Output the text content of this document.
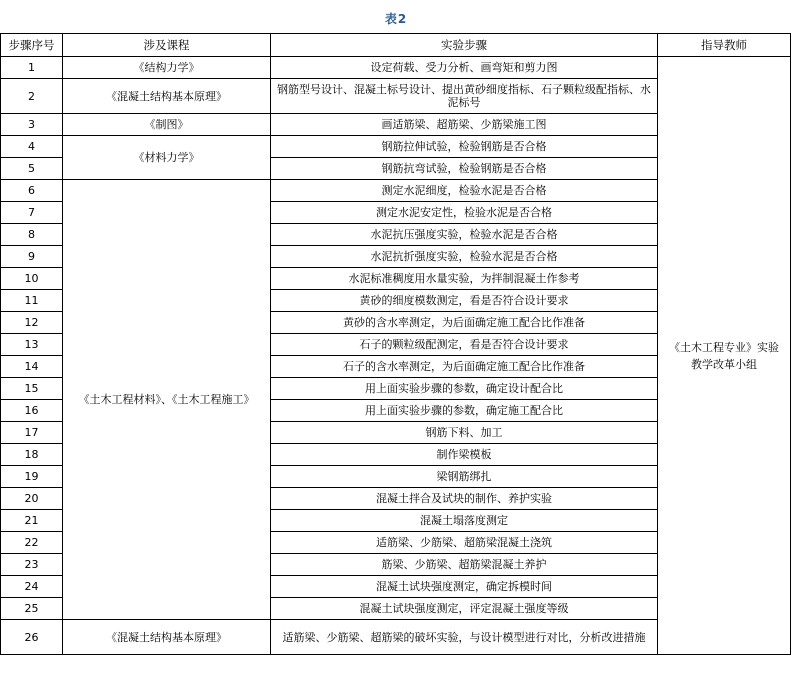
表2
步骤序号	涉及课程	实验步骤	指导教师
1	《结构力学》	设定荷载、受力分析、画弯矩和剪力图	《土木工程专业》实验教学改革小组
2	《混凝土结构基本原理》	钢筋型号设计、混凝土标号设计、提出黄砂细度指标、石子颗粒级配指标、水泥标号	
3	《制图》	画适筋梁、超筋梁、少筋梁施工图	
4	《材料力学》	钢筋拉伸试验，检验钢筋是否合格	
5		钢筋抗弯试验，检验钢筋是否合格	
6	《土木工程材料》、《土木工程施工》	测定水泥细度，检验水泥是否合格	
7		测定水泥安定性，检验水泥是否合格	
8		水泥抗压强度实验，检验水泥是否合格	
9		水泥抗折强度实验，检验水泥是否合格	
10		水泥标准稠度用水量实验，为拌制混凝土作参考	
11		黄砂的细度模数测定，看是否符合设计要求	
12		黄砂的含水率测定，为后面确定施工配合比作准备	
13		石子的颗粒级配测定，看是否符合设计要求	
14		石子的含水率测定，为后面确定施工配合比作准备	
15		用上面实验步骤的参数，确定设计配合比	
16		用上面实验步骤的参数，确定施工配合比	
17		钢筋下料、加工	
18		制作梁模板	
19		梁钢筋绑扎	
20		混凝土拌合及试块的制作、养护实验	
21		混凝土塌落度测定	
22		适筋梁、少筋梁、超筋梁混凝土浇筑	
23		筋梁、少筋梁、超筋梁混凝土养护	
24		混凝土试块强度测定，确定拆模时间	
25		混凝土试块强度测定，评定混凝土强度等级	
26	《混凝土结构基本原理》	适筋梁、少筋梁、超筋梁的破坏实验，与设计模型进行对比，分析改进措施	
